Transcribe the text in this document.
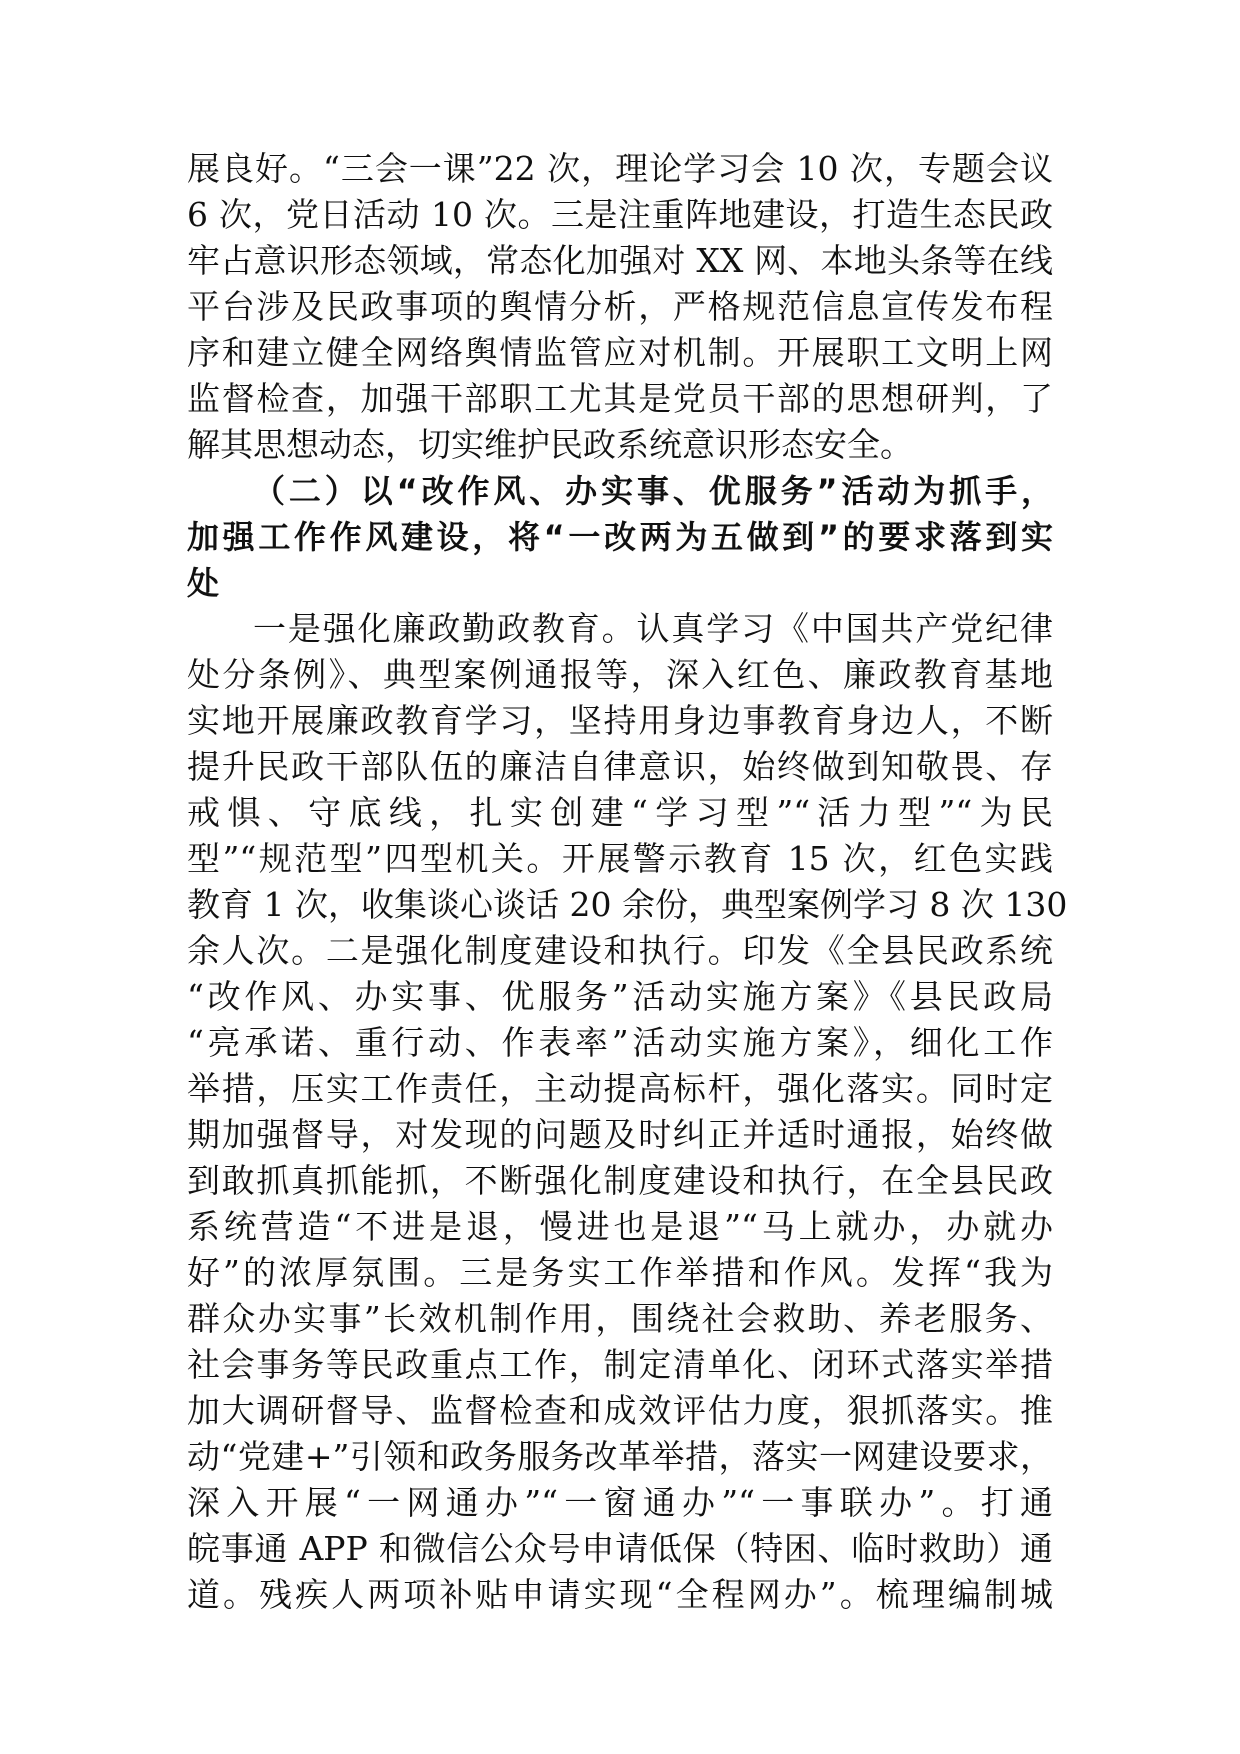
展良好。“三会一课”22 次，理论学习会 10 次，专题会议
6 次，党日活动 10 次。三是注重阵地建设，打造生态民政
牢占意识形态领域，常态化加强对 XX 网、本地头条等在线
平台涉及民政事项的舆情分析，严格规范信息宣传发布程
序和建立健全网络舆情监管应对机制。开展职工文明上网
监督检查，加强干部职工尤其是党员干部的思想研判，了
解其思想动态，切实维护民政系统意识形态安全。
（二）以“改作风、办实事、优服务”活动为抓手，
加强工作作风建设，将“一改两为五做到”的要求落到实
处
一是强化廉政勤政教育。认真学习《中国共产党纪律
处分条例》、典型案例通报等，深入红色、廉政教育基地
实地开展廉政教育学习，坚持用身边事教育身边人，不断
提升民政干部队伍的廉洁自律意识，始终做到知敬畏、存
戒惧、守底线，扎实创建“学习型”“活力型”“为民
型”“规范型”四型机关。开展警示教育 15 次，红色实践
教育 1 次，收集谈心谈话 20 余份，典型案例学习 8 次 130
余人次。二是强化制度建设和执行。印发《全县民政系统
“改作风、办实事、优服务”活动实施方案》《县民政局
“亮承诺、重行动、作表率”活动实施方案》，细化工作
举措，压实工作责任，主动提高标杆，强化落实。同时定
期加强督导，对发现的问题及时纠正并适时通报，始终做
到敢抓真抓能抓，不断强化制度建设和执行，在全县民政
系统营造“不进是退，慢进也是退”“马上就办，办就办
好”的浓厚氛围。三是务实工作举措和作风。发挥“我为
群众办实事”长效机制作用，围绕社会救助、养老服务、
社会事务等民政重点工作，制定清单化、闭环式落实举措
加大调研督导、监督检查和成效评估力度，狠抓落实。推
动“党建+”引领和政务服务改革举措，落实一网建设要求，
深入开展“一网通办”“一窗通办”“一事联办”。打通
皖事通 APP 和微信公众号申请低保（特困、临时救助）通
道。残疾人两项补贴申请实现“全程网办”。梳理编制城
